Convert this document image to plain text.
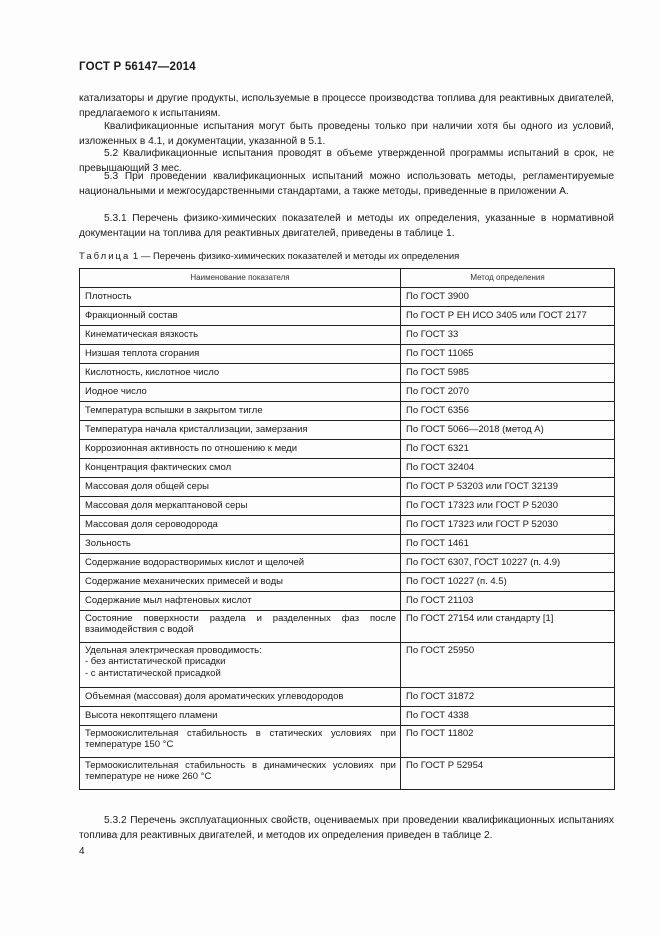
ГОСТ Р 56147—2014

катализаторы и другие продукты, используемые в процессе производства топлива для реактивных двигателей, предлагаемого к испытаниям.

Квалификационные испытания могут быть проведены только при наличии хотя бы одного из условий, изложенных в 4.1, и документации, указанной в 5.1.

5.2 Квалификационные испытания проводят в объеме утвержденной программы испытаний в срок, не превышающий 3 мес.

5.3 При проведении квалификационных испытаний можно использовать методы, регламентируемые национальными и межгосударственными стандартами, а также методы, приведенные в приложении А.

5.3.1 Перечень физико-химических показателей и методы их определения, указанные в нормативной документации на топлива для реактивных двигателей, приведены в таблице 1.

Таблица 1 — Перечень физико-химических показателей и методы их определения
Наименование показателя	Метод определения
Плотность	По ГОСТ 3900
Фракционный состав	По ГОСТ Р ЕН ИСО 3405 или ГОСТ 2177
Кинематическая вязкость	По ГОСТ 33
Низшая теплота сгорания	По ГОСТ 11065
Кислотность, кислотное число	По ГОСТ 5985
Иодное число	По ГОСТ 2070
Температура вспышки в закрытом тигле	По ГОСТ 6356
Температура начала кристаллизации, замерзания	По ГОСТ 5066—2018 (метод А)
Коррозионная активность по отношению к меди	По ГОСТ 6321
Концентрация фактических смол	По ГОСТ 32404
Массовая доля общей серы	По ГОСТ Р 53203 или ГОСТ 32139
Массовая доля меркаптановой серы	По ГОСТ 17323 или ГОСТ Р 52030
Массовая доля сероводорода	По ГОСТ 17323 или ГОСТ Р 52030
Зольность	По ГОСТ 1461
Содержание водорастворимых кислот и щелочей	По ГОСТ 6307, ГОСТ 10227 (п. 4.9)
Содержание механических примесей и воды	По ГОСТ 10227 (п. 4.5)
Содержание мыл нафтеновых кислот	По ГОСТ 21103
Состояние поверхности раздела и разделенных фаз после взаимодействия с водой	По ГОСТ 27154 или стандарту [1]

Удельная электрическая проводимость:
- без антистатической присадки
- с антистатической присадкой	По ГОСТ 25950
Объемная (массовая) доля ароматических углеводородов	По ГОСТ 31872
Высота некоптящего пламени	По ГОСТ 4338
Термоокислительная стабильность в статических условиях при температуре 150 °С	По ГОСТ 11802
Термоокислительная стабильность в динамических условиях при температуре не ниже 260 °С	По ГОСТ Р 52954

5.3.2 Перечень эксплуатационных свойств, оцениваемых при проведении квалификационных испытаниях топлива для реактивных двигателей, и методов их определения приведен в таблице 2.

4
